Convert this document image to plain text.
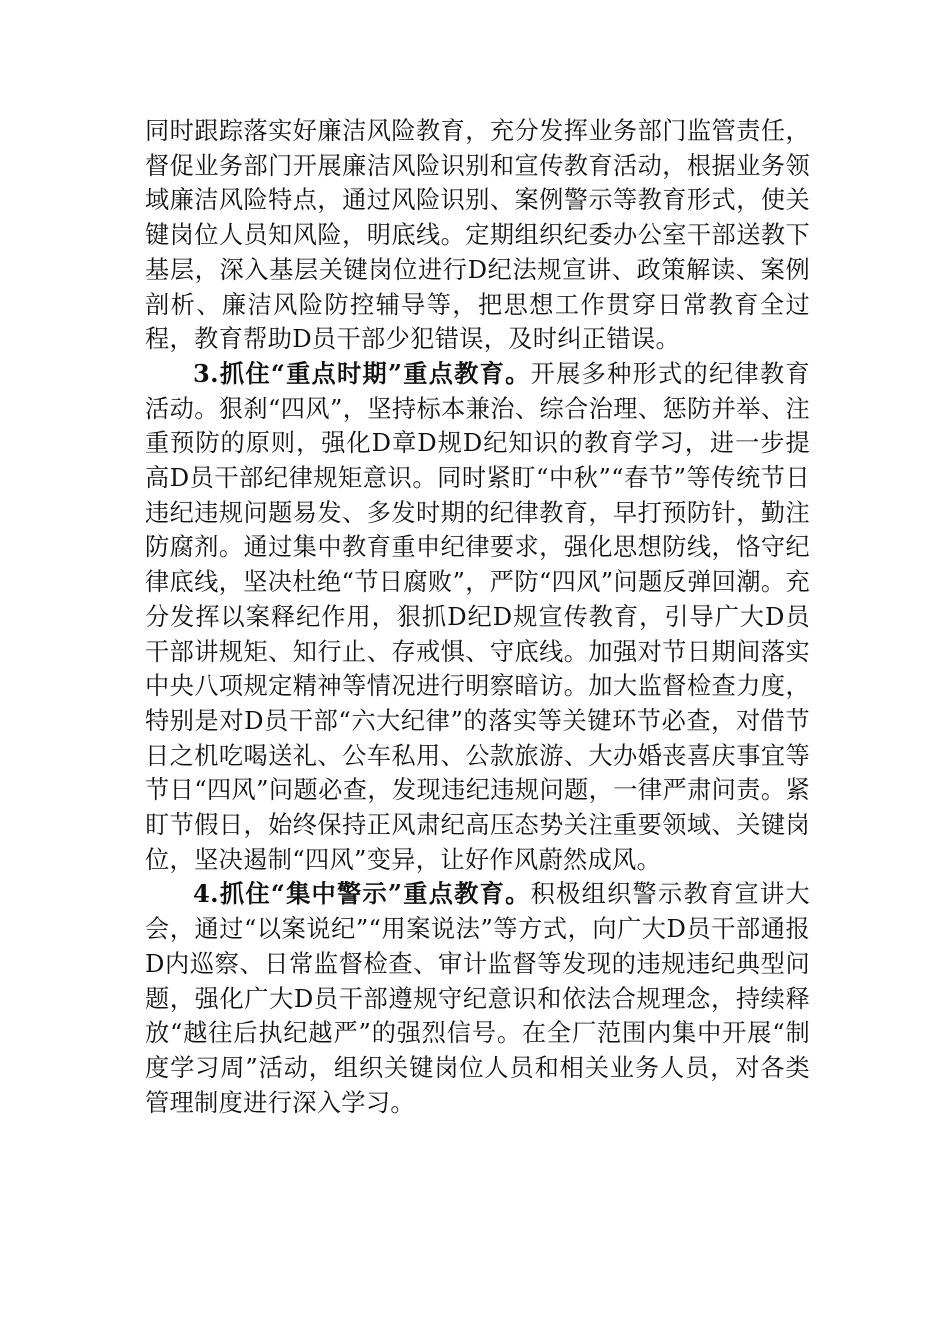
同时跟踪落实好廉洁风险教育，充分发挥业务部门监管责任，督促业务部门开展廉洁风险识别和宣传教育活动，根据业务领域廉洁风险特点，通过风险识别、案例警示等教育形式，使关键岗位人员知风险，明底线。定期组织纪委办公室干部送教下基层，深入基层关键岗位进行D纪法规宣讲、政策解读、案例剖析、廉洁风险防控辅导等，把思想工作贯穿日常教育全过程，教育帮助D员干部少犯错误，及时纠正错误。

3.抓住“重点时期”重点教育。开展多种形式的纪律教育活动。狠刹“四风”，坚持标本兼治、综合治理、惩防并举、注重预防的原则，强化D章D规D纪知识的教育学习，进一步提高D员干部纪律规矩意识。同时紧盯“中秋”“春节”等传统节日违纪违规问题易发、多发时期的纪律教育，早打预防针，勤注防腐剂。通过集中教育重申纪律要求，强化思想防线，恪守纪律底线，坚决杜绝“节日腐败”，严防“四风”问题反弹回潮。充分发挥以案释纪作用，狠抓D纪D规宣传教育，引导广大D员干部讲规矩、知行止、存戒惧、守底线。加强对节日期间落实中央八项规定精神等情况进行明察暗访。加大监督检查力度，特别是对D员干部“六大纪律”的落实等关键环节必查，对借节日之机吃喝送礼、公车私用、公款旅游、大办婚丧喜庆事宜等节日“四风”问题必查，发现违纪违规问题，一律严肃问责。紧盯节假日，始终保持正风肃纪高压态势关注重要领域、关键岗位，坚决遏制“四风”变异，让好作风蔚然成风。

4.抓住“集中警示”重点教育。积极组织警示教育宣讲大会，通过“以案说纪”“用案说法”等方式，向广大D员干部通报D内巡察、日常监督检查、审计监督等发现的违规违纪典型问题，强化广大D员干部遵规守纪意识和依法合规理念，持续释放“越往后执纪越严”的强烈信号。在全厂范围内集中开展“制度学习周”活动，组织关键岗位人员和相关业务人员，对各类管理制度进行深入学习。
